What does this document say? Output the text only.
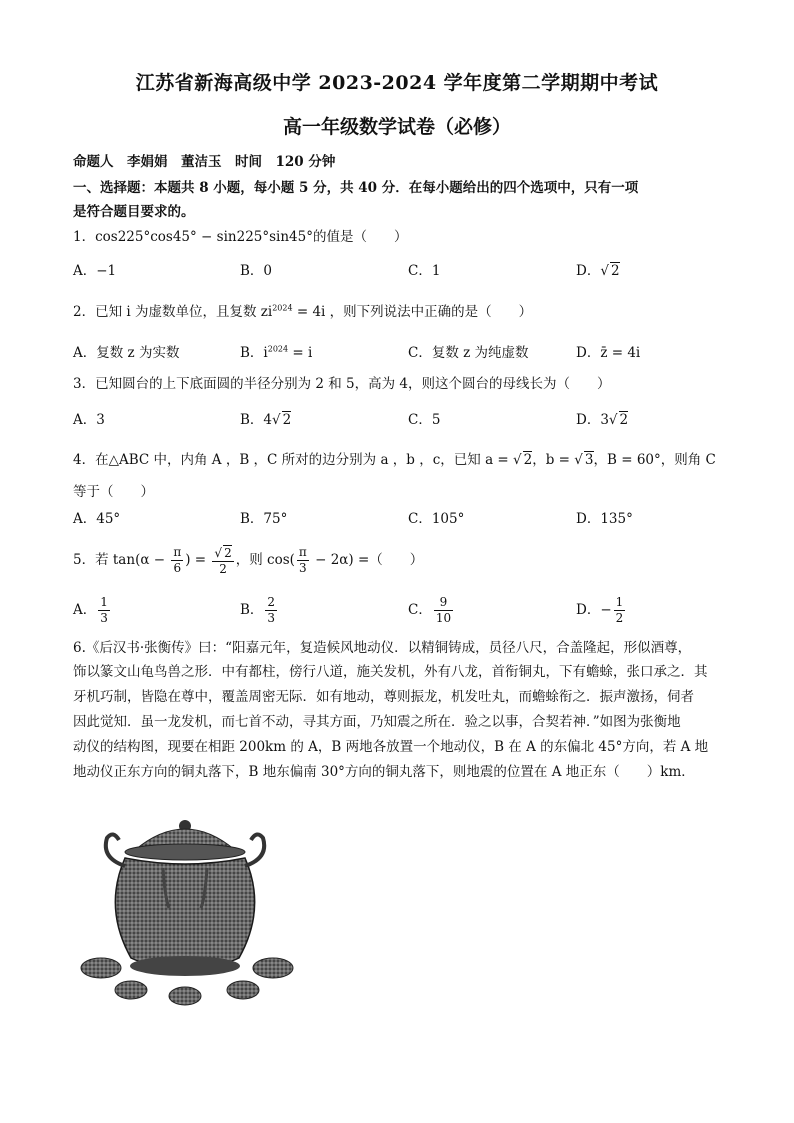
江苏省新海高级中学 2023-2024 学年度第二学期期中考试
高一年级数学试卷（必修）
命题人　李娟娟　董洁玉　时间　120 分钟
一、选择题：本题共 8 小题，每小题 5 分，共 40 分．在每小题给出的四个选项中，只有一项
是符合题目要求的。
1．cos225°cos45° − sin225°sin45°的值是（　　）
A．−1	B．0	C．1	D．√ 2
2．已知 i 为虚数单位，且复数 $zi^{2024} = 4i$ ，则下列说法中正确的是（　　）
A．复数 z 为实数	B．$i^{2024} = i$	C．复数 z 为纯虚数	D．z̄ = 4i
3．已知圆台的上下底面圆的半径分别为 2 和 5，高为 4，则这个圆台的母线长为（　　）
A．3	B．4√ 2	C．5	D．3√ 2
4．在△ABC 中，内角 A ，B ，C 所对的边分别为 a ，b ，c，已知 a = √ 2，b = √ 3，B = 60°，则角 C
等于（　　）
A．45°	B．75°	C．105°	D．135°
5．若 $\tan(\alpha - \frac{\pi}{6}$ ) = $\frac{√ 2}{2}$ ，则 $\cos( \frac{\pi}{3} - 2\alpha)$ =（　　）
A． $\frac{1}{3}$	B． $\frac{2}{3}$	C． $\frac{9}{10}$	D．− $\frac{1}{2}$
6.《后汉书·张衡传》曰：“阳嘉元年，复造候风地动仪．以精铜铸成，员径八尺，合盖隆起，形似酒尊，
饰以篆文山龟鸟兽之形．中有都柱，傍行八道，施关发机，外有八龙，首衔铜丸，下有蟾蜍，张口承之．其
牙机巧制，皆隐在尊中，覆盖周密无际．如有地动，尊则振龙，机发吐丸，而蟾蜍衔之．振声激扬，伺者
因此觉知．虽一龙发机，而七首不动，寻其方面，乃知震之所在．验之以事，合契若神．”如图为张衡地
动仪的结构图，现要在相距 200km 的 A，B 两地各放置一个地动仪，B 在 A 的东偏北 45°方向，若 A 地
地动仪正东方向的铜丸落下，B 地东偏南 30°方向的铜丸落下，则地震的位置在 A 地正东（　　）km．
